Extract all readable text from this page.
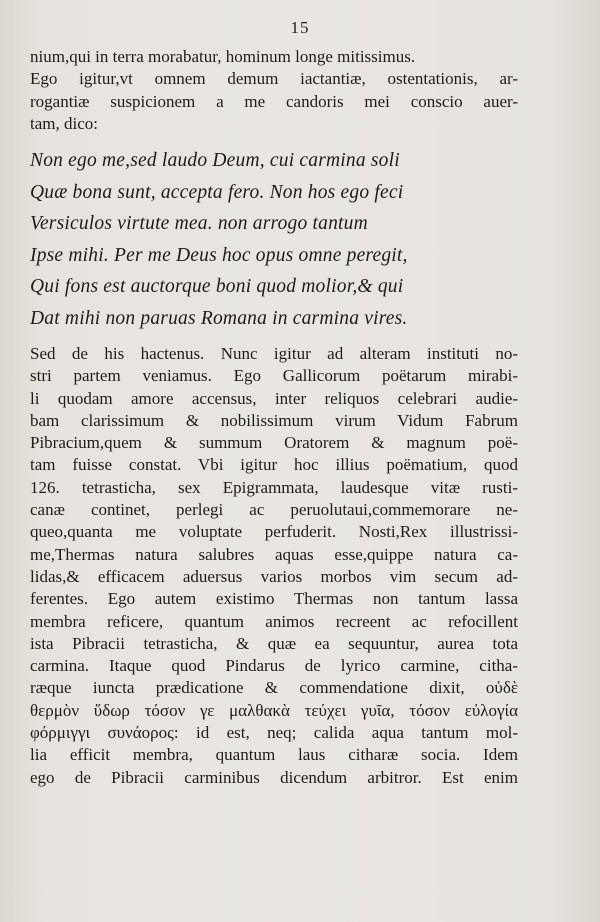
15
nium,qui in terra morabatur, hominum longe mitissimus.
Ego igitur,vt omnem demum iactantiæ, ostentationis, ar-
rogantiæ suspicionem a me candoris mei conscio auer-
tam, dico:
Non ego me,sed laudo Deum, cui carmina soli
Quæ bona sunt, accepta fero. Non hos ego feci
Versiculos virtute mea. non arrogo tantum
Ipse mihi. Per me Deus hoc opus omne peregit,
Qui fons est auctorque boni quod molior,& qui
Dat mihi non paruas Romana in carmina vires.
Sed de his hactenus. Nunc igitur ad alteram instituti no-
stri partem veniamus. Ego Gallicorum poëtarum mirabi-
li quodam amore accensus, inter reliquos celebrari audie-
bam clarissimum & nobilissimum virum Vidum Fabrum
Pibracium,quem & summum Oratorem & magnum poë-
tam fuisse constat. Vbi igitur hoc illius poëmatium, quod
126. tetrasticha, sex Epigrammata, laudesque vitæ rusti-
canæ continet, perlegi ac peruolutaui,commemorare ne-
queo,quanta me voluptate perfuderit. Nosti,Rex illustrissi-
me,Thermas natura salubres aquas esse,quippe natura ca-
lidas,& efficacem aduersus varios morbos vim secum ad-
ferentes. Ego autem existimo Thermas non tantum lassa
membra reficere, quantum animos recreent ac refocillent
ista Pibracii tetrasticha, & quæ ea sequuntur, aurea tota
carmina. Itaque quod Pindarus de lyrico carmine, citha-
ræque iuncta prædicatione & commendatione dixit, οὐδὲ
θερμὸν ὕδωρ τόσον γε μαλθακὰ τεύχει γυῖα, τόσον εὐλογία
φόρμιγγι συνάορος: id est, neq; calida aqua tantum mol-
lia efficit membra, quantum laus citharæ socia. Idem
ego de Pibracii carminibus dicendum arbitror. Est enim
